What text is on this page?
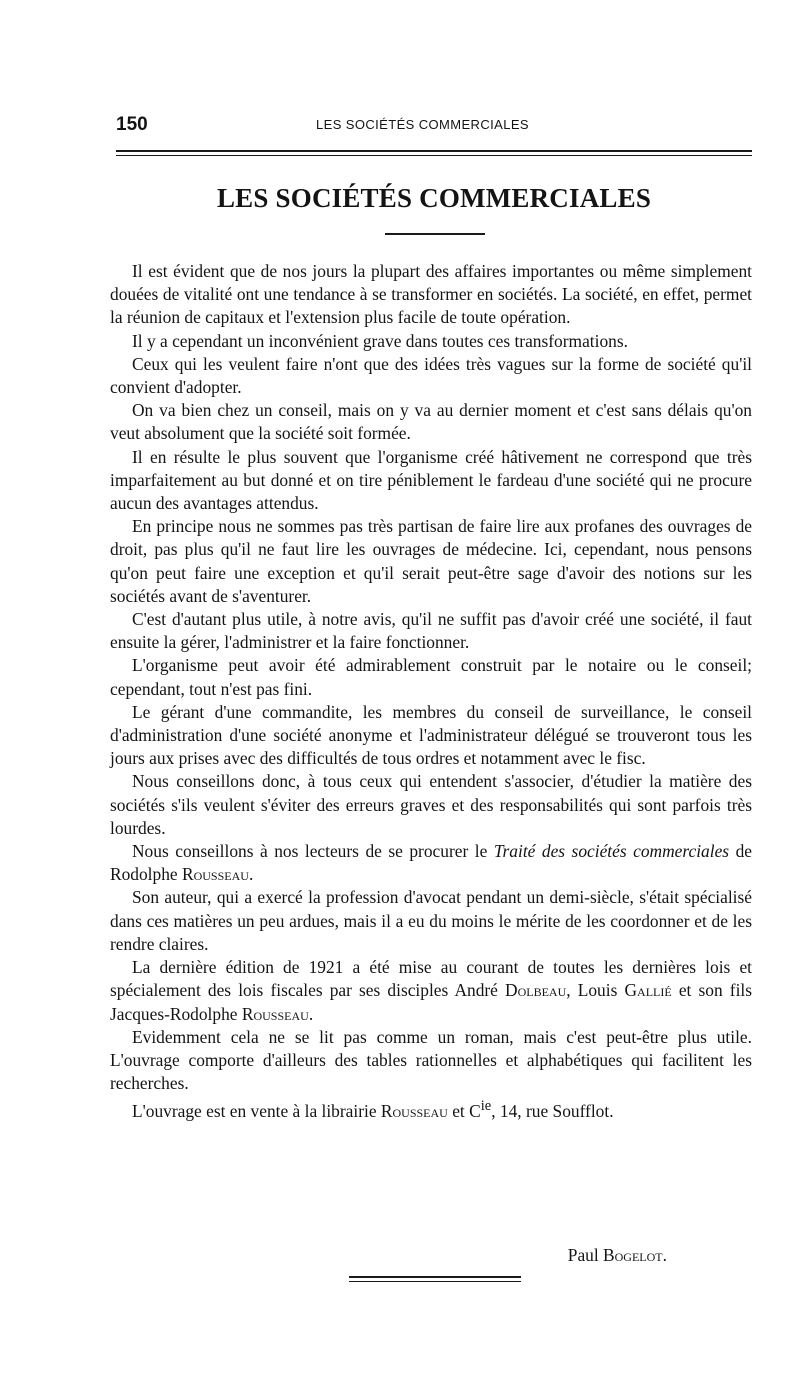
150	LES SOCIÉTÉS COMMERCIALES
LES SOCIÉTÉS COMMERCIALES

Il est évident que de nos jours la plupart des affaires importantes ou même simplement douées de vitalité ont une tendance à se transformer en sociétés. La société, en effet, permet la réunion de capitaux et l'extension plus facile de toute opération.

Il y a cependant un inconvénient grave dans toutes ces transformations.

Ceux qui les veulent faire n'ont que des idées très vagues sur la forme de société qu'il convient d'adopter.

On va bien chez un conseil, mais on y va au dernier moment et c'est sans délais qu'on veut absolument que la société soit formée.

Il en résulte le plus souvent que l'organisme créé hâtivement ne correspond que très imparfaitement au but donné et on tire péniblement le fardeau d'une société qui ne procure aucun des avantages attendus.

En principe nous ne sommes pas très partisan de faire lire aux profanes des ouvrages de droit, pas plus qu'il ne faut lire les ouvrages de médecine. Ici, cependant, nous pensons qu'on peut faire une exception et qu'il serait peut-être sage d'avoir des notions sur les sociétés avant de s'aventurer.

C'est d'autant plus utile, à notre avis, qu'il ne suffit pas d'avoir créé une société, il faut ensuite la gérer, l'administrer et la faire fonctionner.

L'organisme peut avoir été admirablement construit par le notaire ou le conseil; cependant, tout n'est pas fini.

Le gérant d'une commandite, les membres du conseil de surveillance, le conseil d'administration d'une société anonyme et l'administrateur délégué se trouveront tous les jours aux prises avec des difficultés de tous ordres et notamment avec le fisc.

Nous conseillons donc, à tous ceux qui entendent s'associer, d'étudier la matière des sociétés s'ils veulent s'éviter des erreurs graves et des responsabilités qui sont parfois très lourdes.

Nous conseillons à nos lecteurs de se procurer le Traité des sociétés commerciales de Rodolphe Rousseau.

Son auteur, qui a exercé la profession d'avocat pendant un demi-siècle, s'était spécialisé dans ces matières un peu ardues, mais il a eu du moins le mérite de les coordonner et de les rendre claires.

La dernière édition de 1921 a été mise au courant de toutes les dernières lois et spécialement des lois fiscales par ses disciples André Dolbeau, Louis Gallié et son fils Jacques-Rodolphe Rousseau.

Evidemment cela ne se lit pas comme un roman, mais c'est peut-être plus utile. L'ouvrage comporte d'ailleurs des tables rationnelles et alphabétiques qui facilitent les recherches.

L'ouvrage est en vente à la librairie Rousseau et $C^{ie}$, 14, rue Soufflot.

Paul Bogelot.
